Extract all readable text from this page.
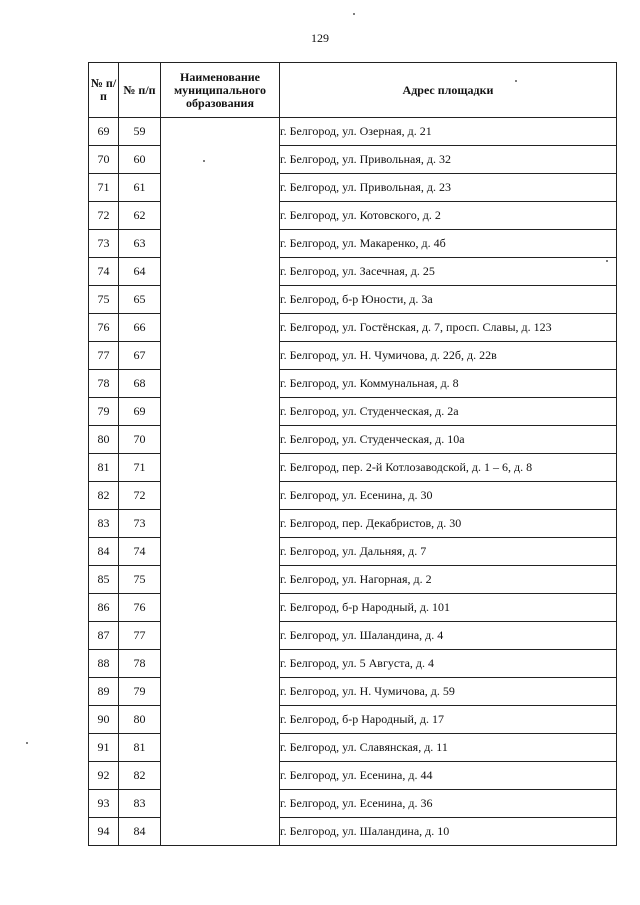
129
№ п/п	№ п/п	Наименование муниципального образования	Адрес площадки
69	59		г. Белгород, ул. Озерная, д. 21
70	60		г. Белгород, ул. Привольная, д. 32
71	61		г. Белгород, ул. Привольная, д. 23
72	62		г. Белгород, ул. Котовского, д. 2
73	63		г. Белгород, ул. Макаренко, д. 4б
74	64		г. Белгород, ул. Засечная, д. 25
75	65		г. Белгород, б-р Юности, д. 3а
76	66		г. Белгород, ул. Гостёнская, д. 7, просп. Славы, д. 123
77	67		г. Белгород, ул. Н. Чумичова, д. 22б, д. 22в
78	68		г. Белгород, ул. Коммунальная, д. 8
79	69		г. Белгород, ул. Студенческая, д. 2а
80	70		г. Белгород, ул. Студенческая, д. 10а
81	71		г. Белгород, пер. 2-й Котлозаводской, д. 1 – 6, д. 8
82	72		г. Белгород, ул. Есенина, д. 30
83	73		г. Белгород, пер. Декабристов, д. 30
84	74		г. Белгород, ул. Дальняя, д. 7
85	75		г. Белгород, ул. Нагорная, д. 2
86	76		г. Белгород, б-р Народный, д. 101
87	77		г. Белгород, ул. Шаландина, д. 4
88	78		г. Белгород, ул. 5 Августа, д. 4
89	79		г. Белгород, ул. Н. Чумичова, д. 59
90	80		г. Белгород, б-р Народный, д. 17
91	81		г. Белгород, ул. Славянская, д. 11
92	82		г. Белгород, ул. Есенина, д. 44
93	83		г. Белгород, ул. Есенина, д. 36
94	84		г. Белгород, ул. Шаландина, д. 10
